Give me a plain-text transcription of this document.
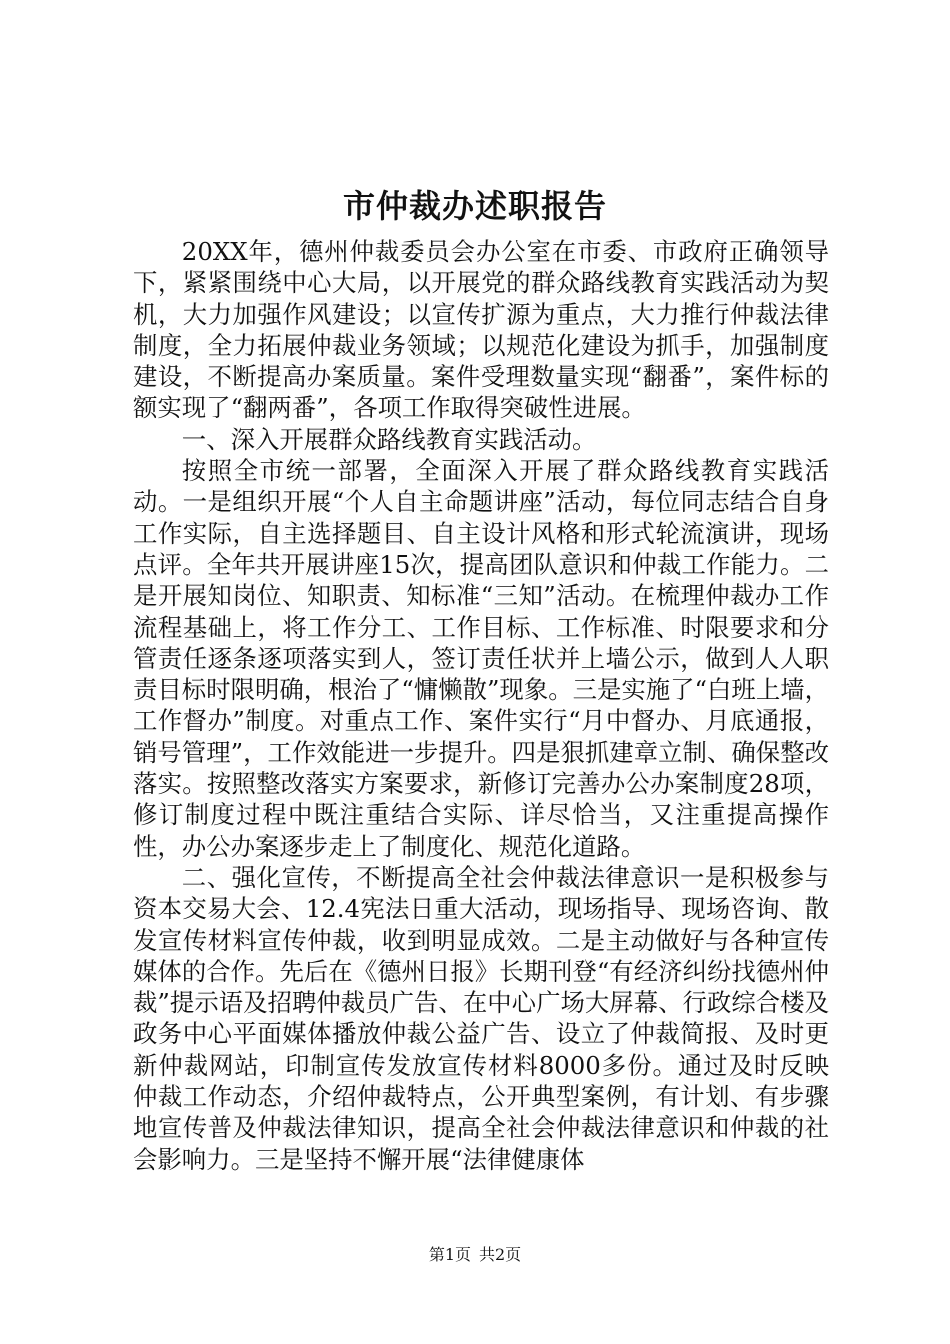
市仲裁办述职报告

20XX年，德州仲裁委员会办公室在市委、市政府正确领导下，紧紧围绕中心大局，以开展党的群众路线教育实践活动为契机，大力加强作风建设；以宣传扩源为重点，大力推行仲裁法律制度，全力拓展仲裁业务领域；以规范化建设为抓手，加强制度建设，不断提高办案质量。案件受理数量实现“翻番”，案件标的额实现了“翻两番”，各项工作取得突破性进展。

一、深入开展群众路线教育实践活动。

按照全市统一部署，全面深入开展了群众路线教育实践活动。一是组织开展“个人自主命题讲座”活动，每位同志结合自身工作实际，自主选择题目、自主设计风格和形式轮流演讲，现场点评。全年共开展讲座15次，提高团队意识和仲裁工作能力。二是开展知岗位、知职责、知标准“三知”活动。在梳理仲裁办工作流程基础上，将工作分工、工作目标、工作标准、时限要求和分管责任逐条逐项落实到人，签订责任状并上墙公示，做到人人职责目标时限明确，根治了“慵懒散”现象。三是实施了“白班上墙，工作督办”制度。对重点工作、案件实行“月中督办、月底通报，销号管理”，工作效能进一步提升。四是狠抓建章立制、确保整改落实。按照整改落实方案要求，新修订完善办公办案制度28项，修订制度过程中既注重结合实际、详尽恰当，又注重提高操作性，办公办案逐步走上了制度化、规范化道路。

二、强化宣传，不断提高全社会仲裁法律意识一是积极参与资本交易大会、12.4宪法日重大活动，现场指导、现场咨询、散发宣传材料宣传仲裁，收到明显成效。二是主动做好与各种宣传媒体的合作。先后在《德州日报》长期刊登“有经济纠纷找德州仲裁”提示语及招聘仲裁员广告、在中心广场大屏幕、行政综合楼及政务中心平面媒体播放仲裁公益广告、设立了仲裁简报、及时更新仲裁网站，印制宣传发放宣传材料8000多份。通过及时反映仲裁工作动态，介绍仲裁特点，公开典型案例，有计划、有步骤地宣传普及仲裁法律知识，提高全社会仲裁法律意识和仲裁的社会影响力。三是坚持不懈开展“法律健康体

第1页 共2页
